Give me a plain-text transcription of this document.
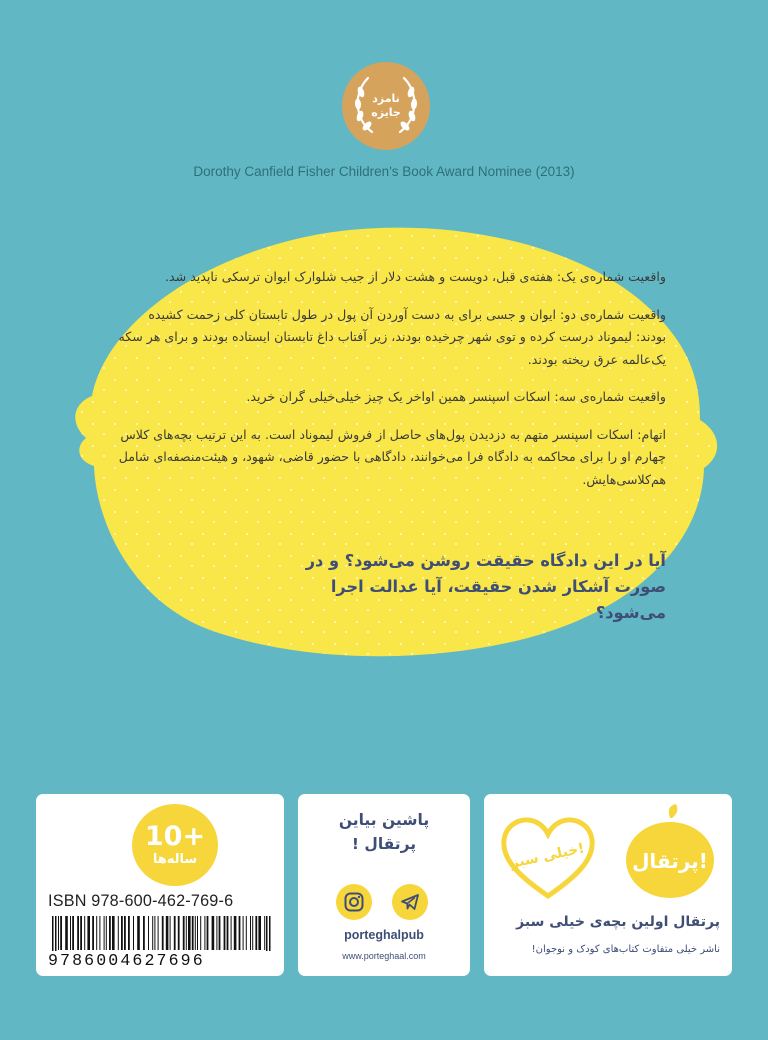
نامزد
جایزه
Dorothy Canfield Fisher Children's Book Award Nominee (2013)

واقعیت شماره‌ی یک: هفته‌ی قبل، دویست و هشت دلار از جیب شلوارک ایوان ترسکی ناپدید شد.

واقعیت شماره‌ی دو: ایوان و جسی برای به دست آوردن آن پول در طول تابستان کلی زحمت کشیده بودند: لیموناد درست کرده و توی شهر چرخیده بودند، زیر آفتاب داغ تابستان ایستاده بودند و برای هر سکه یک‌عالمه عرق ریخته بودند.

واقعیت شماره‌ی سه: اسکات اسپنسر همین اواخر یک چیز خیلی‌خیلی گران خرید.

اتهام: اسکات اسپنسر متهم به دزدیدن پول‌های حاصل از فروش لیموناد است. به این ترتیب بچه‌های کلاس چهارم او را برای محاکمه به دادگاه فرا می‌خوانند، دادگاهی با حضور قاضی، شهود، و هیئت‌منصفه‌ای شامل هم‌کلاسی‌هایش.

آیا در این دادگاه حقیقت روشن می‌شود؟ و در صورت آشکار شدن حقیقت، آیا عدالت اجرا می‌شود؟

10+
ساله‌ها
ISBN 978-600-462-769-6
9786004627696
پاشین بیاین
پرتقال !
porteghalpub
www.porteghaal.com
پرتقال!
خیلی سبز!
پرتقال اولین بچه‌ی خیلی سبز
ناشر خیلی متفاوت کتاب‌های کودک و نوجوان!
